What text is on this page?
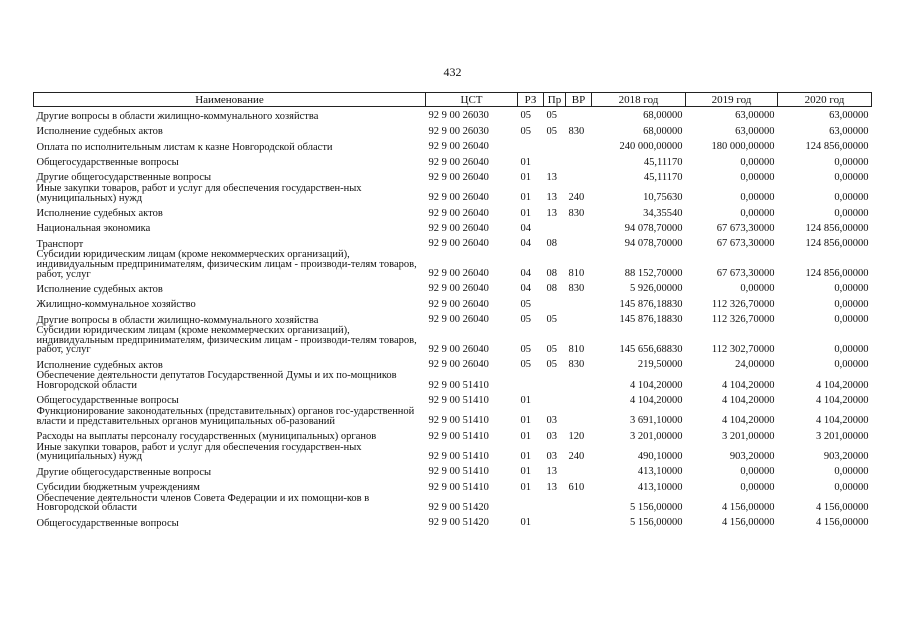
432
Наименование	ЦСТ	РЗ	Пр	ВР	2018 год	2019 год	2020 год
Другие вопросы в области жилищно-коммунального хозяйства	92 9 00 26030	05	05		68,00000	63,00000	63,00000
Исполнение судебных актов	92 9 00 26030	05	05	830	68,00000	63,00000	63,00000
Оплата по исполнительным листам к казне Новгородской области	92 9 00 26040				240 000,00000	180 000,00000	124 856,00000
Общегосударственные вопросы	92 9 00 26040	01			45,11170	0,00000	0,00000
Другие общегосударственные вопросы	92 9 00 26040	01	13		45,11170	0,00000	0,00000
Иные закупки товаров, работ и услуг для обеспечения государствен-ных (муниципальных) нужд	92 9 00 26040	01	13	240	10,75630	0,00000	0,00000
Исполнение судебных актов	92 9 00 26040	01	13	830	34,35540	0,00000	0,00000
Национальная экономика	92 9 00 26040	04			94 078,70000	67 673,30000	124 856,00000
Транспорт	92 9 00 26040	04	08		94 078,70000	67 673,30000	124 856,00000
Субсидии юридическим лицам (кроме некоммерческих организаций), индивидуальным предпринимателям, физическим лицам - производи-телям товаров, работ, услуг	92 9 00 26040	04	08	810	88 152,70000	67 673,30000	124 856,00000
Исполнение судебных актов	92 9 00 26040	04	08	830	5 926,00000	0,00000	0,00000
Жилищно-коммунальное хозяйство	92 9 00 26040	05			145 876,18830	112 326,70000	0,00000
Другие вопросы в области жилищно-коммунального хозяйства	92 9 00 26040	05	05		145 876,18830	112 326,70000	0,00000
Субсидии юридическим лицам (кроме некоммерческих организаций), индивидуальным предпринимателям, физическим лицам - производи-телям товаров, работ, услуг	92 9 00 26040	05	05	810	145 656,68830	112 302,70000	0,00000
Исполнение судебных актов	92 9 00 26040	05	05	830	219,50000	24,00000	0,00000
Обеспечение деятельности депутатов Государственной Думы и их по-мощников Новгородской области	92 9 00 51410				4 104,20000	4 104,20000	4 104,20000
Общегосударственные вопросы	92 9 00 51410	01			4 104,20000	4 104,20000	4 104,20000
Функционирование законодательных (представительных) органов гос-ударственной власти и представительных органов муниципальных об-разований	92 9 00 51410	01	03		3 691,10000	4 104,20000	4 104,20000
Расходы на выплаты персоналу государственных (муниципальных) органов	92 9 00 51410	01	03	120	3 201,00000	3 201,00000	3 201,00000
Иные закупки товаров, работ и услуг для обеспечения государствен-ных (муниципальных) нужд	92 9 00 51410	01	03	240	490,10000	903,20000	903,20000
Другие общегосударственные вопросы	92 9 00 51410	01	13		413,10000	0,00000	0,00000
Субсидии бюджетным учреждениям	92 9 00 51410	01	13	610	413,10000	0,00000	0,00000
Обеспечение деятельности членов Совета Федерации и их помощни-ков в Новгородской области	92 9 00 51420				5 156,00000	4 156,00000	4 156,00000
Общегосударственные вопросы	92 9 00 51420	01			5 156,00000	4 156,00000	4 156,00000
